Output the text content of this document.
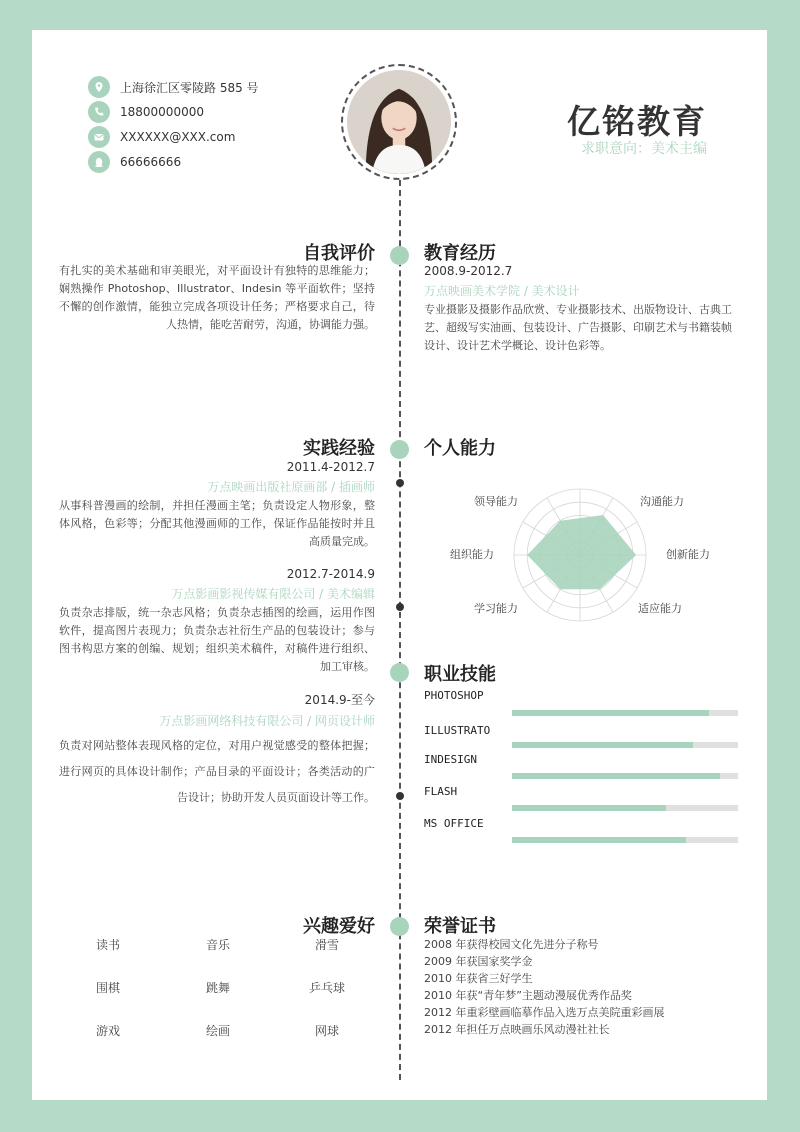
上海徐汇区零陵路 585 号
18800000000
XXXXXX@XXX.com
66666666
亿铭教育
求职意向：美术主编
自我评价
有扎实的美术基础和审美眼光，对平面设计有独特的思维能力；娴熟操作 Photoshop、Illustrator、Indesin 等平面软件；坚持不懈的创作激情，能独立完成各项设计任务；严格要求自己，待人热情，能吃苦耐劳，沟通，协调能力强。
教育经历
2008.9-2012.7
万点映画美术学院 / 美术设计
专业摄影及摄影作品欣赏、专业摄影技术、出版物设计、古典工艺、超级写实油画、包装设计、广告摄影、印刷艺术与书籍装帧设计、设计艺术学概论、设计色彩等。
实践经验
2011.4-2012.7
万点映画出版社原画部 / 插画师
从事科普漫画的绘制，并担任漫画主笔；负责设定人物形象，整体风格，色彩等；分配其他漫画师的工作，保证作品能按时并且高质量完成。
2012.7-2014.9
万点影画影视传媒有限公司 / 美术编辑
负责杂志排版，统一杂志风格；负责杂志插图的绘画，运用作图软件，提高图片表现力；负责杂志社衍生产品的包装设计；参与图书构思方案的创编、规划；组织美术稿件，对稿件进行组织、加工审核。
2014.9-至今
万点影画网络科技有限公司 / 网页设计师
负责对网站整体表现风格的定位，对用户视觉感受的整体把握；进行网页的具体设计制作；产品目录的平面设计；各类活动的广告设计；协助开发人员页面设计等工作。
个人能力
领导能力	沟通能力
创新能力
适应能力
学习能力
组织能力
职业技能
PHOTOSHOP
ILLUSTRATO
INDESIGN
FLASH
MS OFFICE
兴趣爱好
读书	音乐	滑雪
围棋	跳舞	乒乓球
游戏	绘画	网球
荣誉证书
2008 年获得校园文化先进分子称号
2009 年获国家奖学金
2010 年获省三好学生
2010 年获“青年梦”主题动漫展优秀作品奖
2012 年重彩壁画临摹作品入选万点美院重彩画展
2012 年担任万点映画乐风动漫社社长
